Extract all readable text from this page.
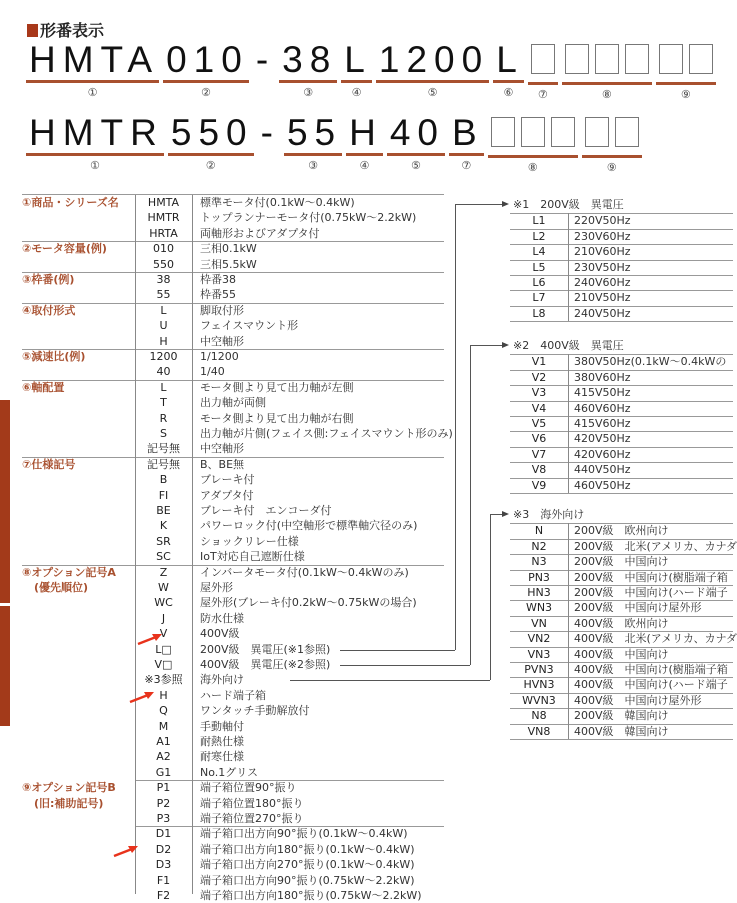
形番表示
HMTA
①
010
②
- 38
③
L
④
1200
⑤
L
⑥ ⑦	⑧	⑨
HMTR
①
550
②
- 55
③
H
④
40
⑤
B
⑦	⑧	⑨
①商品・シリーズ名	HMTA	標準モータ付(0.1kW〜0.4kW)
HMTR	トップランナーモータ付(0.75kW〜2.2kW)
HRTA	両軸形およびアダプタ付
②モータ容量(例)	010	三相0.1kW
550	三相5.5kW
③枠番(例)	38	枠番38
55	枠番55
④取付形式	L	脚取付形
U	フェイスマウント形
H	中空軸形
⑤減速比(例)	1200	1/1200
40	1/40
⑥軸配置	L	モータ側より見て出力軸が左側
T	出力軸が両側
R	モータ側より見て出力軸が右側
S	出力軸が片側(フェイス側:フェイスマウント形のみ)
記号無	中空軸形
⑦仕様記号	記号無	B、BE無
B	ブレーキ付
FI	アダプタ付
BE	ブレーキ付　エンコーダ付
K	パワーロック付(中空軸形で標準軸穴径のみ)
SR	ショックリレー仕様
SC	IoT対応自己遮断仕様
⑧オプション記号A
(優先順位)
Z	インバータモータ付(0.1kW〜0.4kWのみ)
W	屋外形
WC	屋外形(ブレーキ付0.2kW〜0.75kWの場合)
J	防水仕様
V	400V級
L□	200V級　異電圧(※1参照)
V□	400V級　異電圧(※2参照)
※3参照	海外向け
H	ハード端子箱
Q	ワンタッチ手動解放付
M	手動軸付
A1	耐熱仕様
A2	耐寒仕様
G1	No.1グリス
⑨オプション記号B
(旧:補助記号)
P1	端子箱位置90°振り
P2	端子箱位置180°振り
P3	端子箱位置270°振り
D1	端子箱口出方向90°振り(0.1kW〜0.4kW)
D2	端子箱口出方向180°振り(0.1kW〜0.4kW)
D3	端子箱口出方向270°振り(0.1kW〜0.4kW)
F1	端子箱口出方向90°振り(0.75kW〜2.2kW)
F2	端子箱口出方向180°振り(0.75kW〜2.2kW)
※1　200V級　異電圧
L1	220V50Hz
L2	230V60Hz
L4	210V60Hz
L5	230V50Hz
L6	240V60Hz
L7	210V50Hz
L8	240V50Hz
※2　400V級　異電圧
V1	380V50Hz(0.1kW〜0.4kWの
V2	380V60Hz
V3	415V50Hz
V4	460V60Hz
V5	415V60Hz
V6	420V50Hz
V7	420V60Hz
V8	440V50Hz
V9	460V50Hz
※3　海外向け
N	200V級　欧州向け
N2	200V級　北米(アメリカ、カナダ
N3	200V級　中国向け
PN3	200V級　中国向け(樹脂端子箱
HN3	200V級　中国向け(ハード端子
WN3	200V級　中国向け屋外形
VN	400V級　欧州向け
VN2	400V級　北米(アメリカ、カナダ
VN3	400V級　中国向け
PVN3	400V級　中国向け(樹脂端子箱
HVN3	400V級　中国向け(ハード端子
WVN3	400V級　中国向け屋外形
N8	200V級　韓国向け
VN8	400V級　韓国向け
